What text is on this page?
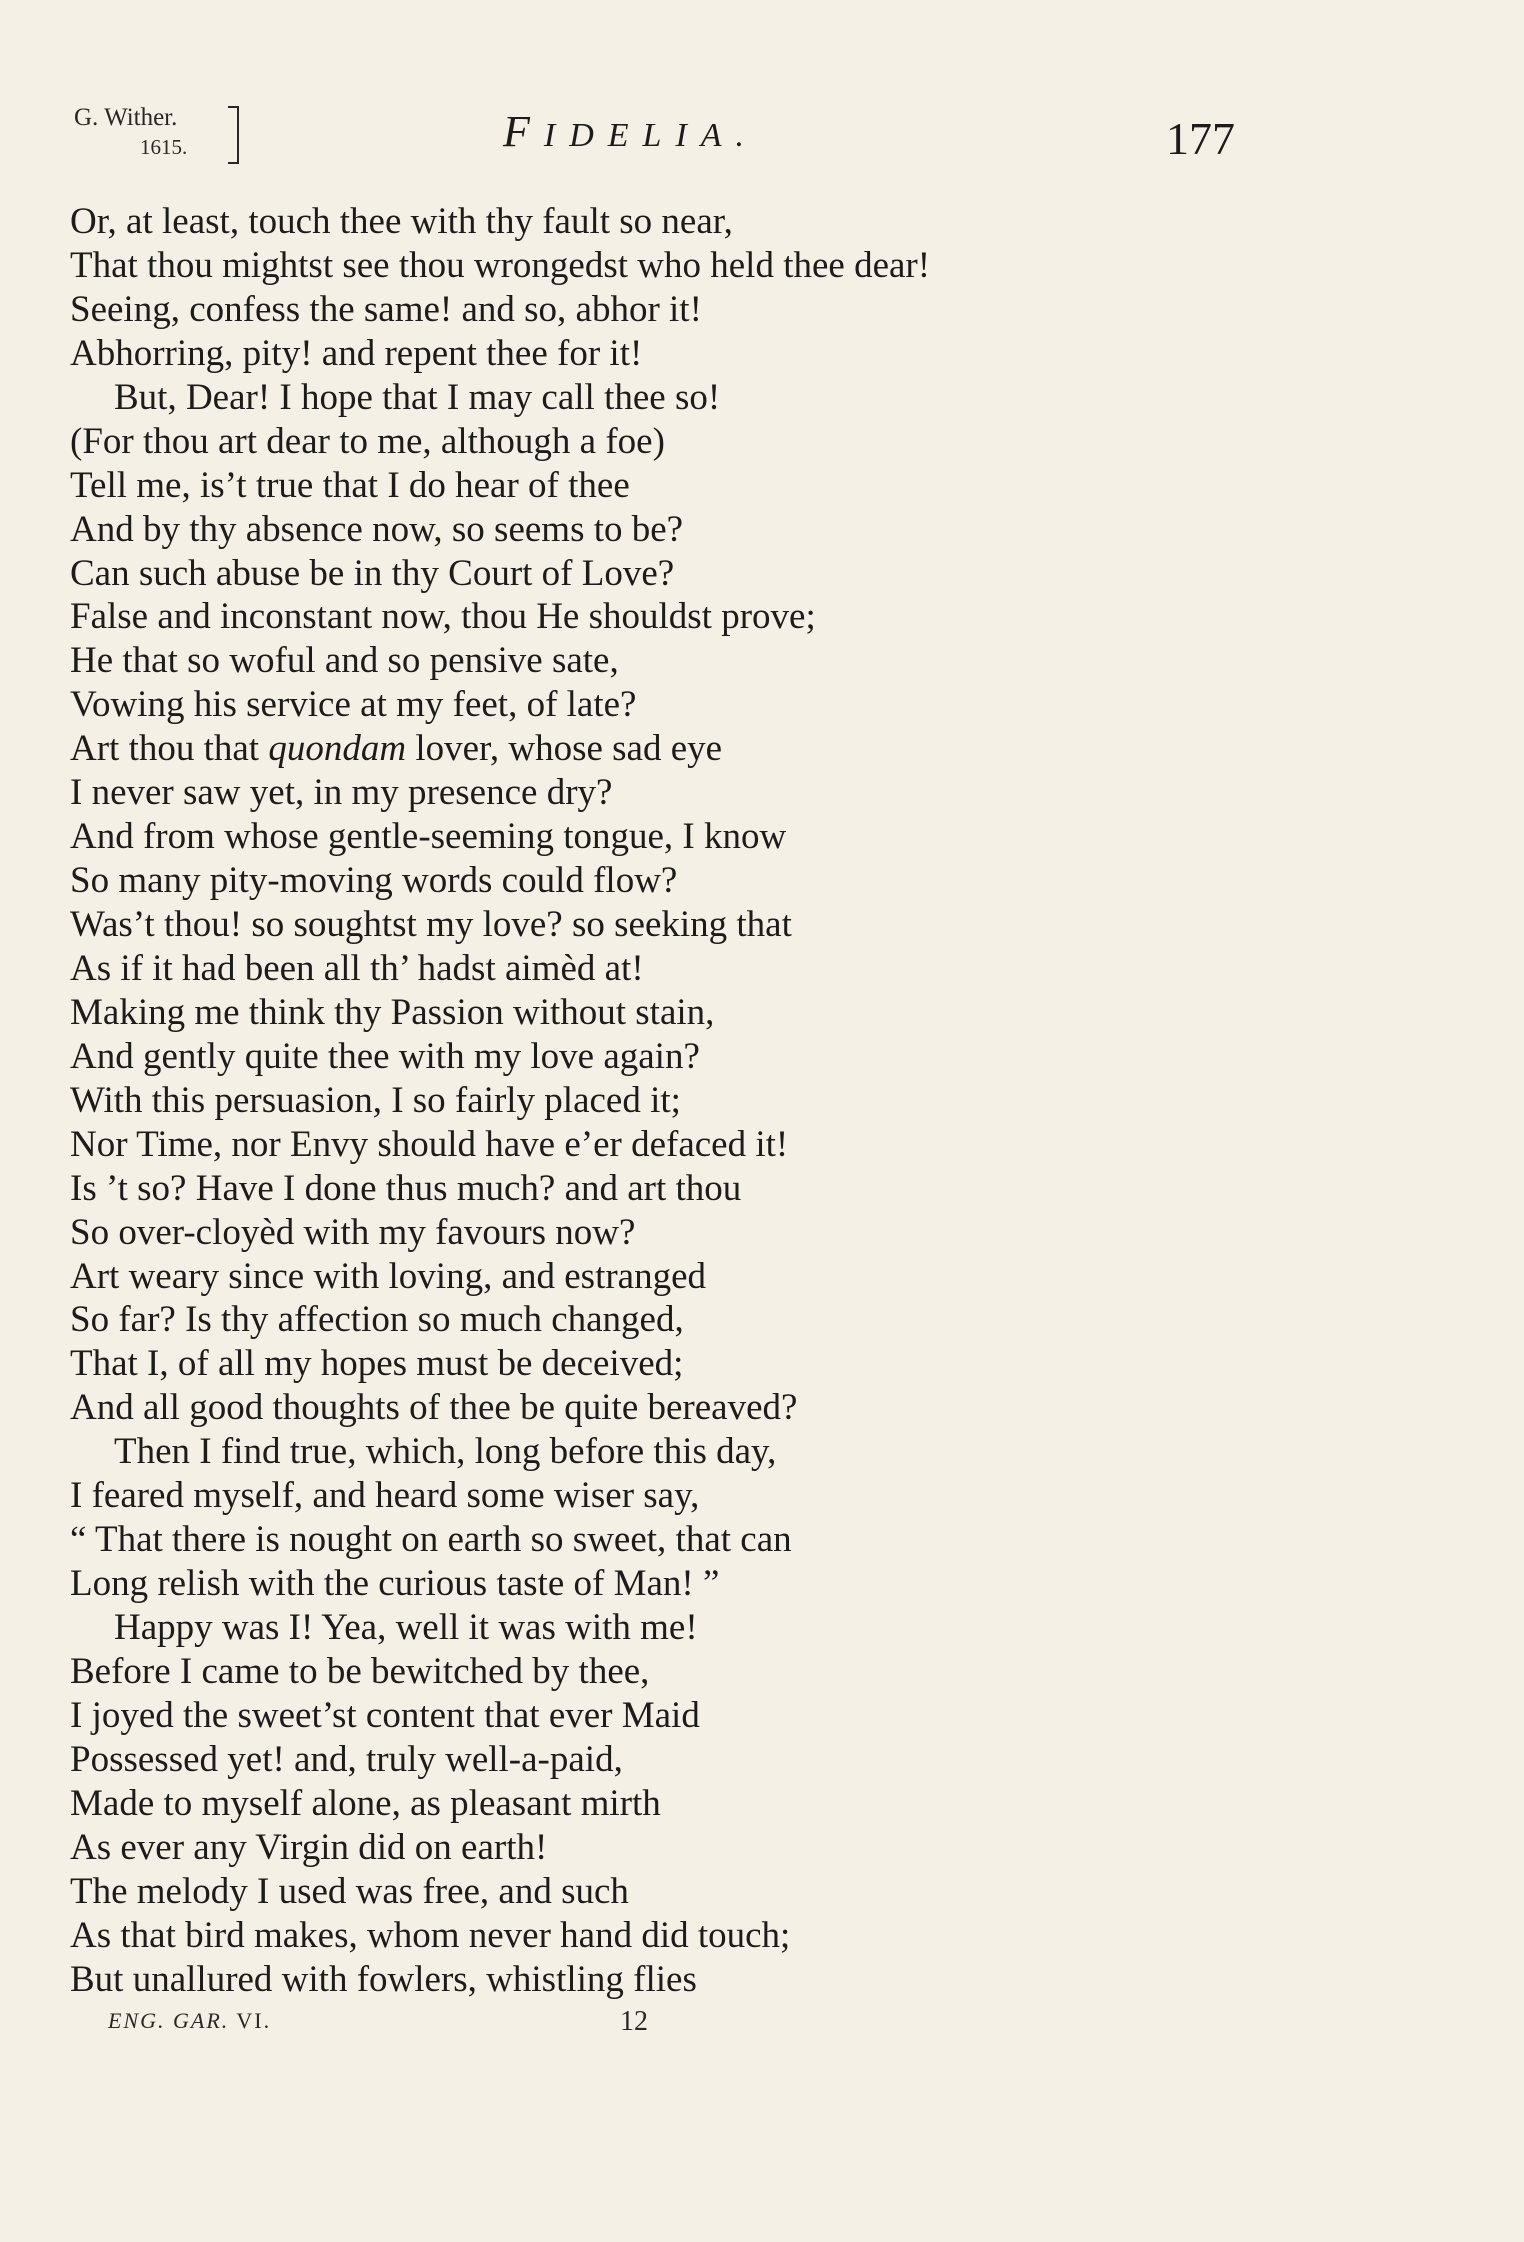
G. Wither.
1615.	FIDELIA.	177
Or, at least, touch thee with thy fault so near,
That thou mightst see thou wrongedst who held thee dear!
Seeing, confess the same! and so, abhor it!
Abhorring, pity! and repent thee for it!
But, Dear! I hope that I may call thee so!
(For thou art dear to me, although a foe)
Tell me, is’t true that I do hear of thee
And by thy absence now, so seems to be?
Can such abuse be in thy Court of Love?
False and inconstant now, thou He shouldst prove;
He that so woful and so pensive sate,
Vowing his service at my feet, of late?
Art thou that quondam lover, whose sad eye
I never saw yet, in my presence dry?
And from whose gentle-seeming tongue, I know
So many pity-moving words could flow?
Was’t thou! so soughtst my love? so seeking that
As if it had been all th’ hadst aimèd at!
Making me think thy Passion without stain,
And gently quite thee with my love again?
With this persuasion, I so fairly placed it;
Nor Time, nor Envy should have e’er defaced it!
Is ’t so? Have I done thus much? and art thou
So over-cloyèd with my favours now?
Art weary since with loving, and estranged
So far? Is thy affection so much changed,
That I, of all my hopes must be deceived;
And all good thoughts of thee be quite bereaved?
Then I find true, which, long before this day,
I feared myself, and heard some wiser say,
“ That there is nought on earth so sweet, that can
Long relish with the curious taste of Man! ”
Happy was I! Yea, well it was with me!
Before I came to be bewitched by thee,
I joyed the sweet’st content that ever Maid
Possessed yet! and, truly well-a-paid,
Made to myself alone, as pleasant mirth
As ever any Virgin did on earth!
The melody I used was free, and such
As that bird makes, whom never hand did touch;
But unallured with fowlers, whistling flies
ENG. GAR. VI.	12
